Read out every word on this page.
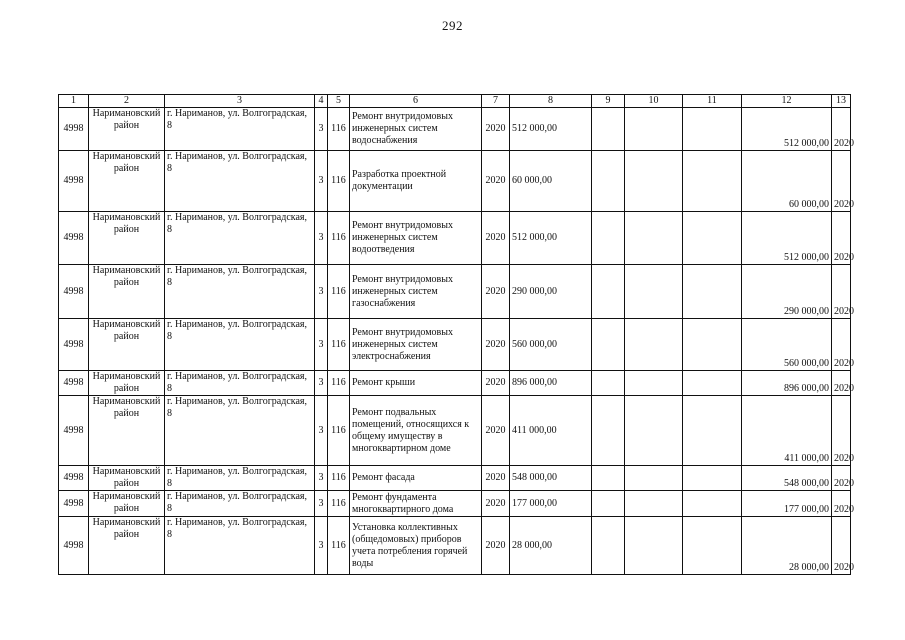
292
1	2	3	4	5	6	7	8	9	10	11	12	13
4998	Наримановский район	г. Нариманов, ул. Волгоградская, 8	3	116	Ремонт внутридомовых инженерных систем водоснабжения	2020	512 000,00				512 000,00	2020
4998	Наримановский район	г. Нариманов, ул. Волгоградская, 8	3	116	Разработка проектной документации	2020	60 000,00				60 000,00	2020
4998	Наримановский район	г. Нариманов, ул. Волгоградская, 8	3	116	Ремонт внутридомовых инженерных систем водоотведения	2020	512 000,00				512 000,00	2020
4998	Наримановский район	г. Нариманов, ул. Волгоградская, 8	3	116	Ремонт внутридомовых инженерных систем газоснабжения	2020	290 000,00				290 000,00	2020
4998	Наримановский район	г. Нариманов, ул. Волгоградская, 8	3	116	Ремонт внутридомовых инженерных систем электроснабжения	2020	560 000,00				560 000,00	2020
4998	Наримановский район	г. Нариманов, ул. Волгоградская, 8	3	116	Ремонт крыши	2020	896 000,00				896 000,00	2020
4998	Наримановский район	г. Нариманов, ул. Волгоградская, 8	3	116	Ремонт подвальных помещений, относящихся к общему имуществу в многоквартирном доме	2020	411 000,00				411 000,00	2020
4998	Наримановский район	г. Нариманов, ул. Волгоградская, 8	3	116	Ремонт фасада	2020	548 000,00				548 000,00	2020
4998	Наримановский район	г. Нариманов, ул. Волгоградская, 8	3	116	Ремонт фундамента многоквартирного дома	2020	177 000,00				177 000,00	2020
4998	Наримановский район	г. Нариманов, ул. Волгоградская, 8	3	116	Установка коллективных (общедомовых) приборов учета потребления горячей воды	2020	28 000,00				28 000,00	2020
